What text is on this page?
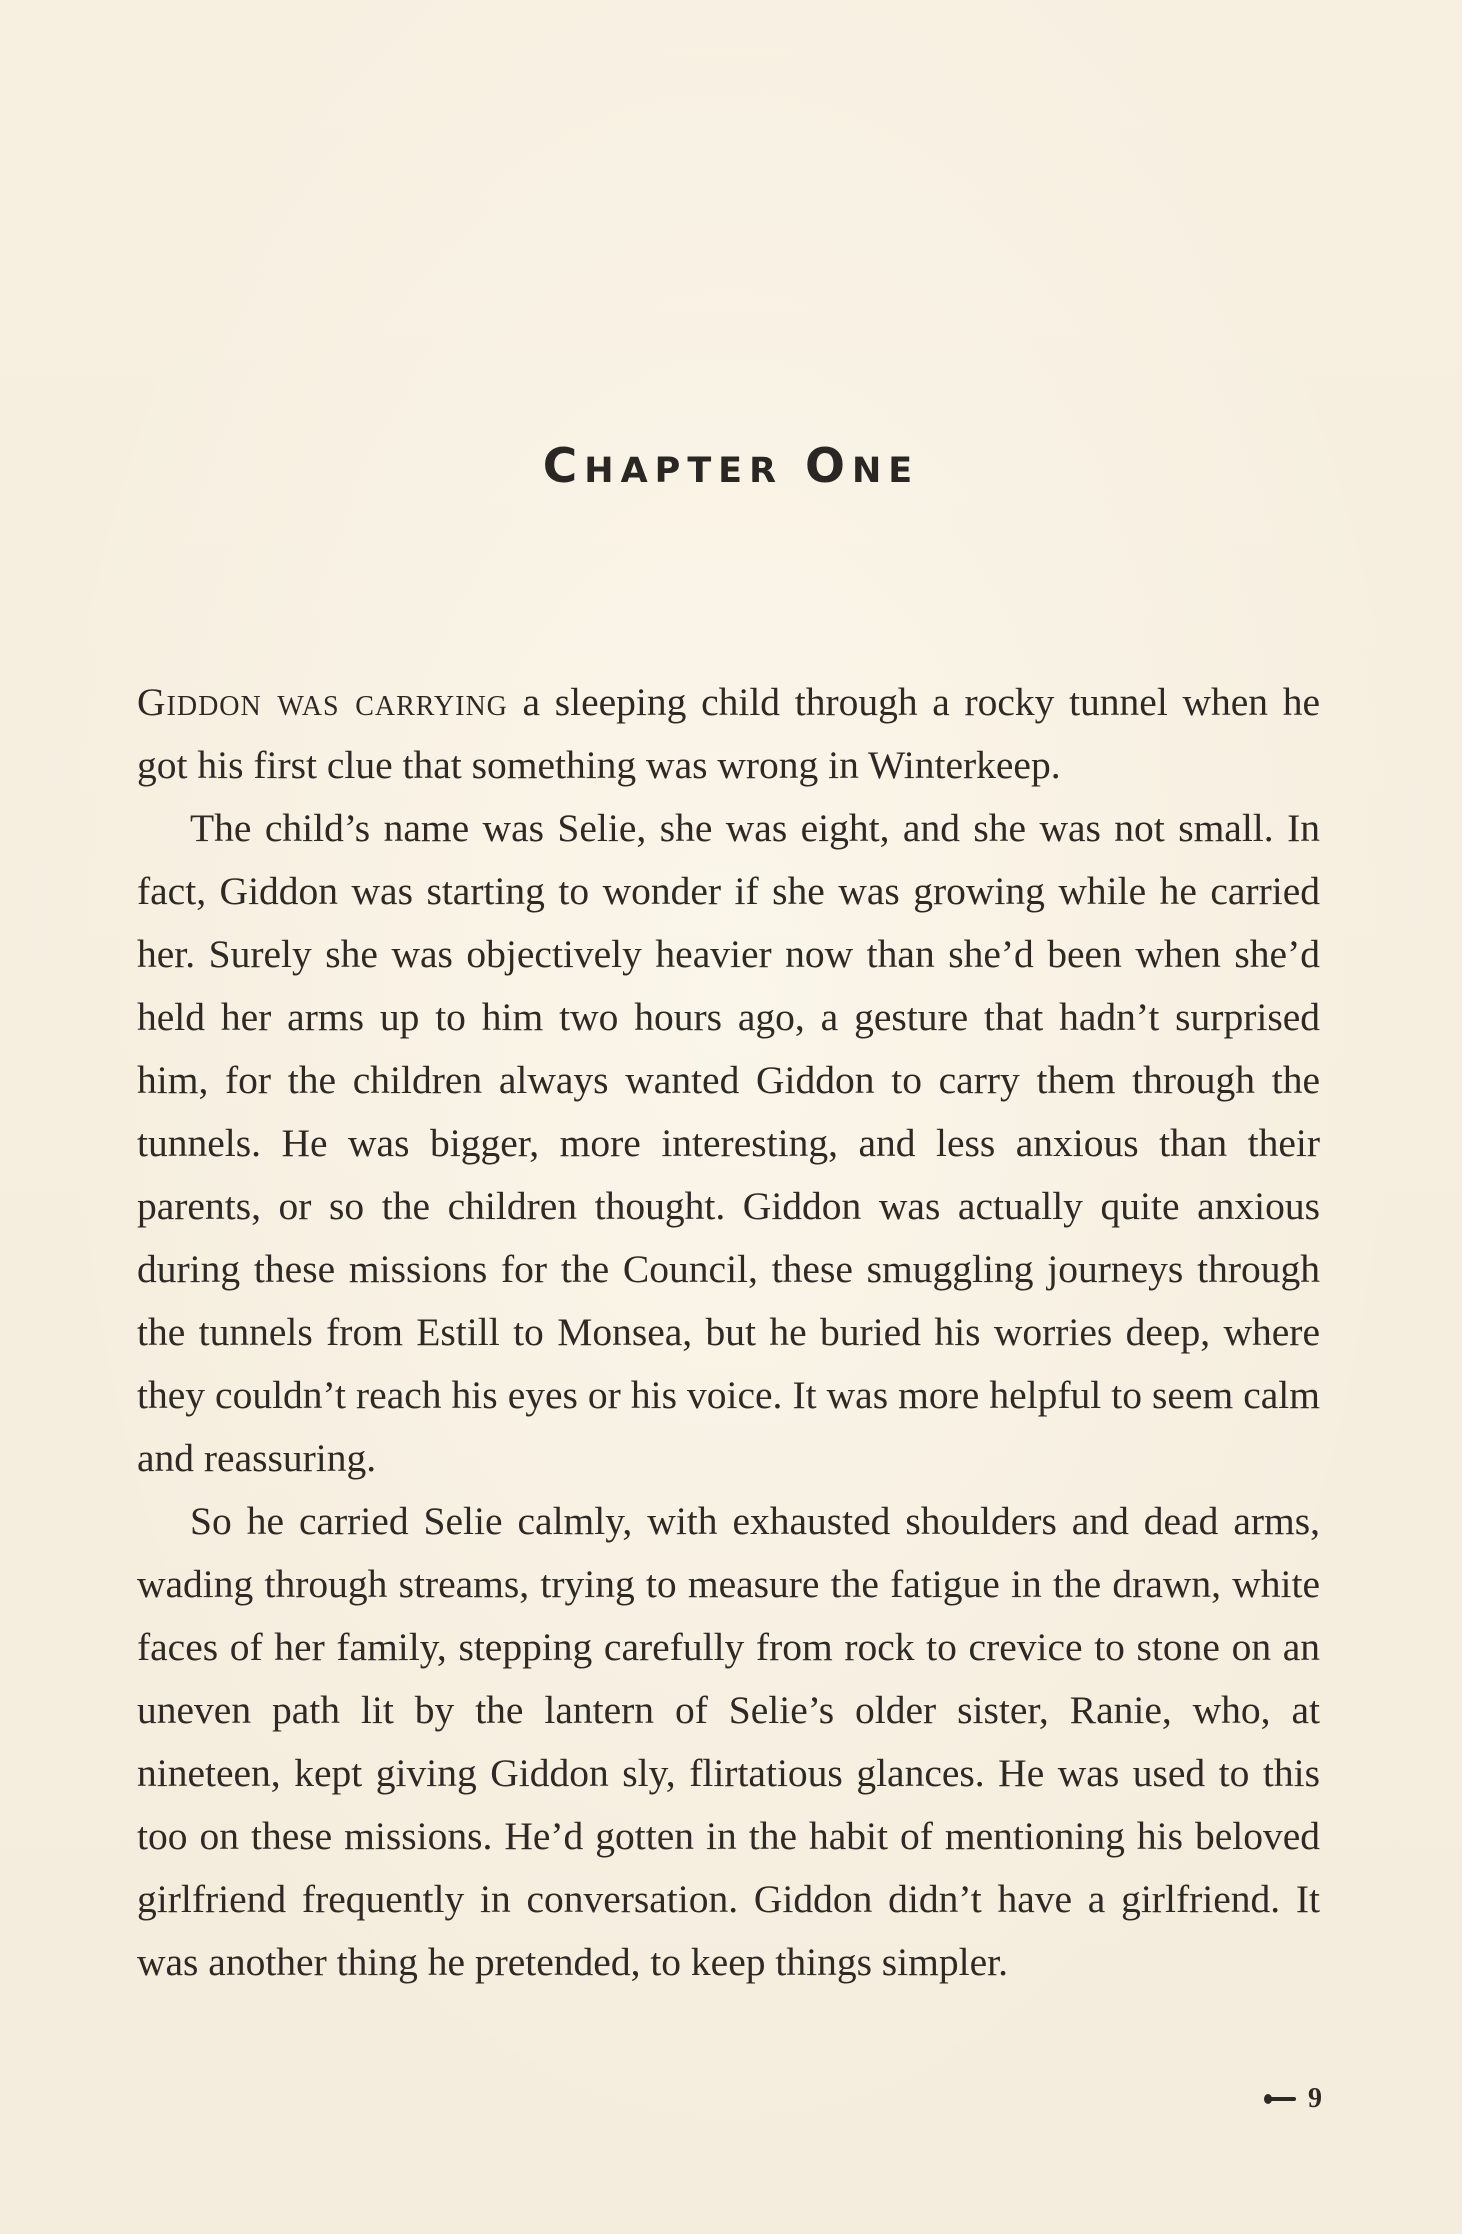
CHAPTER ONE

Giddon was carrying a sleeping child through a rocky tunnel when he got his first clue that something was wrong in Winterkeep.

The child’s name was Selie, she was eight, and she was not small. In fact, Giddon was starting to wonder if she was growing while he carried her. Surely she was objectively heavier now than she’d been when she’d held her arms up to him two hours ago, a gesture that hadn’t surprised him, for the children always wanted Giddon to carry them through the tunnels. He was bigger, more interesting, and less anxious than their parents, or so the children thought. Giddon was actually quite anxious during these missions for the Council, these smuggling journeys through the tunnels from Estill to Monsea, but he buried his worries deep, where they couldn’t reach his eyes or his voice. It was more helpful to seem calm and reassuring.

So he carried Selie calmly, with exhausted shoulders and dead arms, wading through streams, trying to measure the fatigue in the drawn, white faces of her family, stepping carefully from rock to crevice to stone on an uneven path lit by the lantern of Selie’s older sister, Ranie, who, at nineteen, kept giving Giddon sly, flirtatious glances. He was used to this too on these missions. He’d gotten in the habit of mentioning his beloved girlfriend frequently in conversation. Giddon didn’t have a girlfriend. It was another thing he pretended, to keep things simpler.

9
